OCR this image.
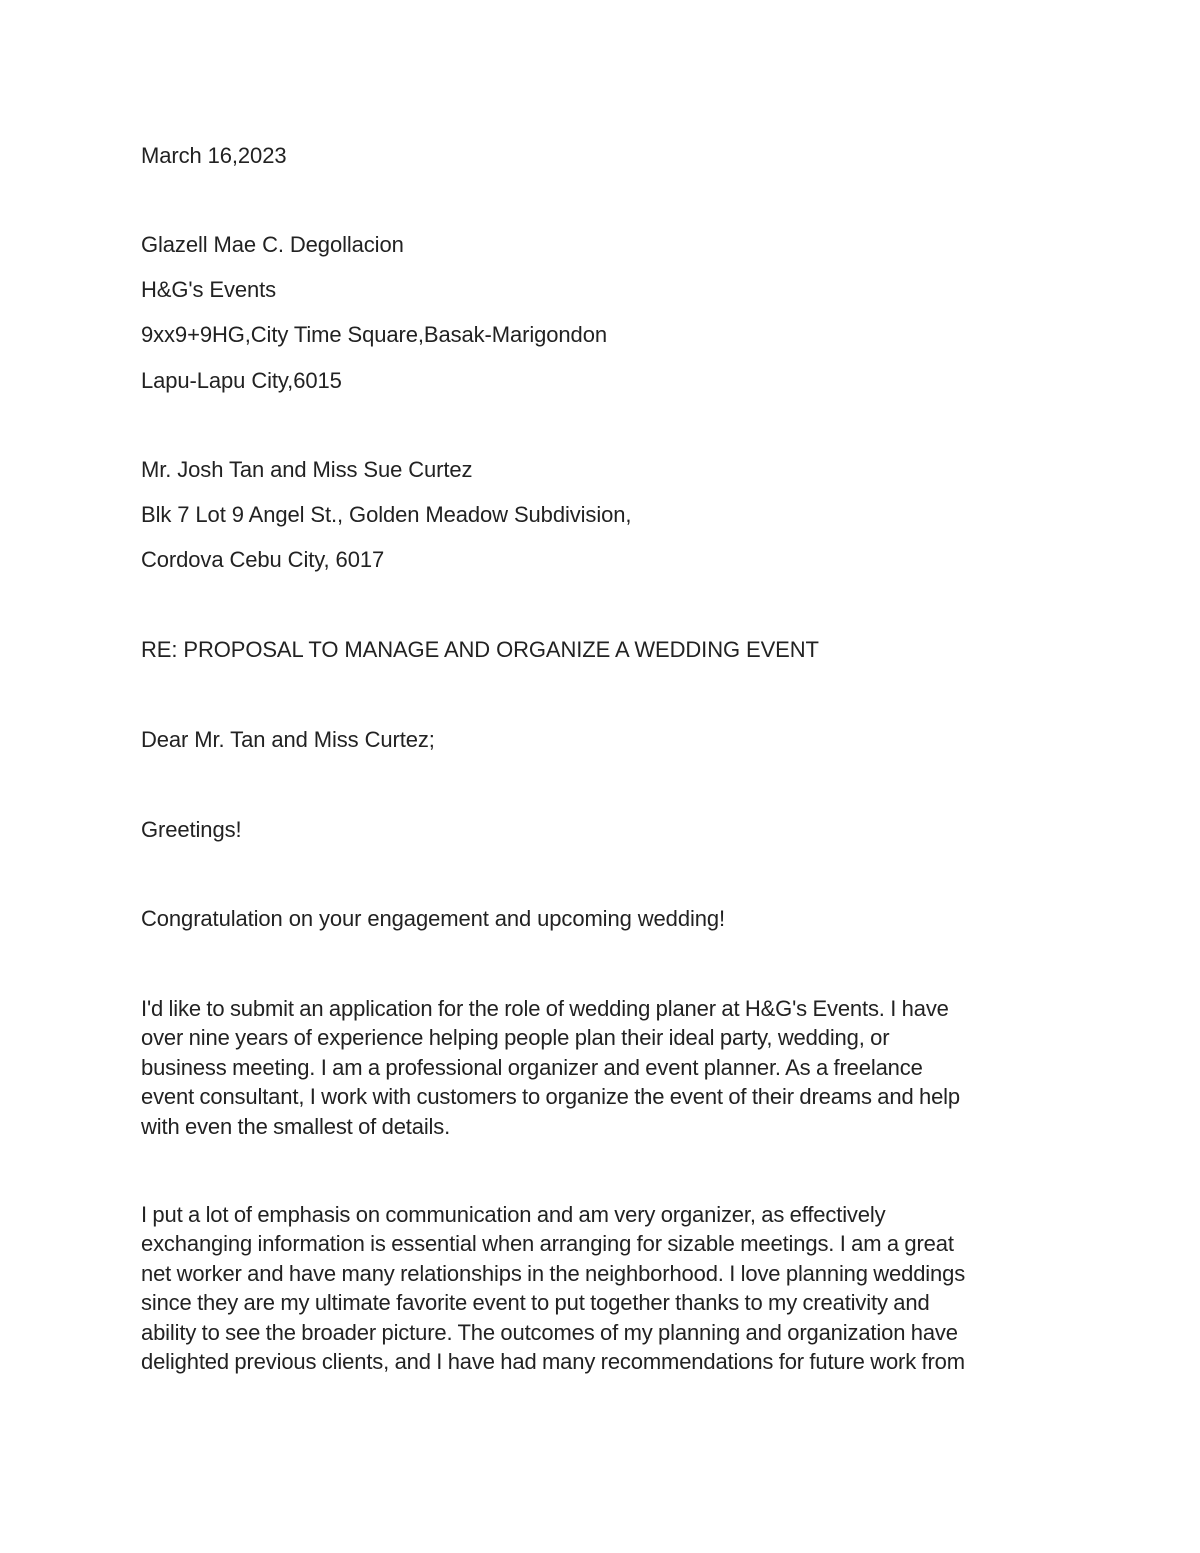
March 16,2023
Glazell Mae C. Degollacion
H&G's Events
9xx9+9HG,City Time Square,Basak-Marigondon
Lapu-Lapu City,6015
Mr. Josh Tan and Miss Sue Curtez
Blk 7 Lot 9 Angel St., Golden Meadow Subdivision,
Cordova Cebu City, 6017
RE: PROPOSAL TO MANAGE AND ORGANIZE A WEDDING EVENT
Dear Mr. Tan and Miss Curtez;
Greetings!
Congratulation on your engagement and upcoming wedding!
I'd like to submit an application for the role of wedding planer at H&G's Events. I have
over nine years of experience helping people plan their ideal party, wedding, or
business meeting. I am a professional organizer and event planner. As a freelance
event consultant, I work with customers to organize the event of their dreams and help
with even the smallest of details.
I put a lot of emphasis on communication and am very organizer, as effectively
exchanging information is essential when arranging for sizable meetings. I am a great
net worker and have many relationships in the neighborhood. I love planning weddings
since they are my ultimate favorite event to put together thanks to my creativity and
ability to see the broader picture. The outcomes of my planning and organization have
delighted previous clients, and I have had many recommendations for future work from
